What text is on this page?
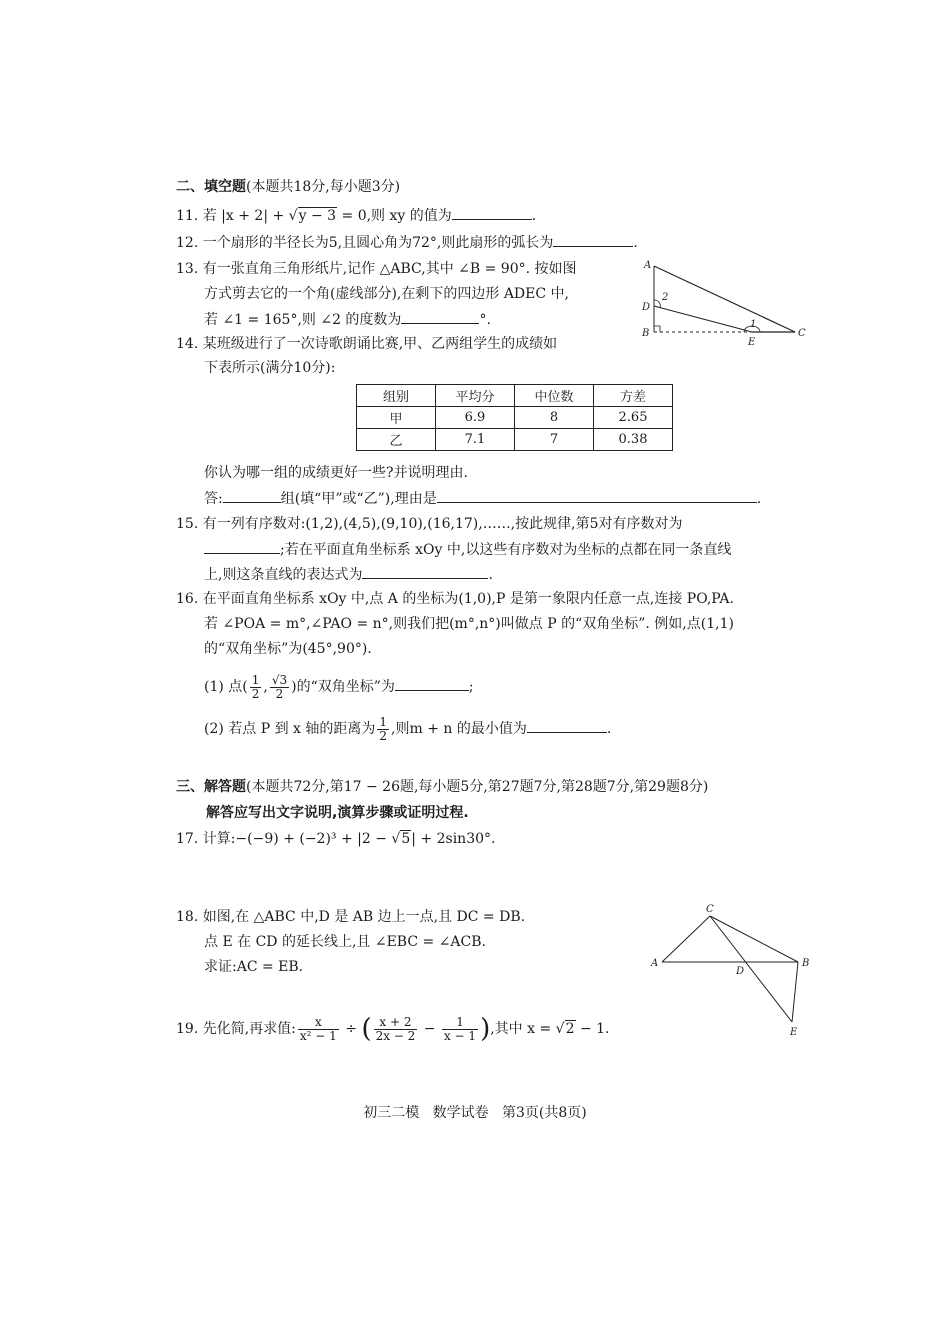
二、填空题(本题共18分,每小题3分)
11. 若 |x + 2| + √y − 3 = 0,则 xy 的值为	.
12. 一个扇形的半径长为5,且圆心角为72°,则此扇形的弧长为	.
13. 有一张直角三角形纸片,记作 △ABC,其中 ∠B = 90°. 按如图
方式剪去它的一个角(虚线部分),在剩下的四边形 ADEC 中,
若 ∠1 = 165°,则 ∠2 的度数为	°.
A
D
B
E
C
1
2
14. 某班级进行了一次诗歌朗诵比赛,甲、乙两组学生的成绩如
下表所示(满分10分):
组别	平均分	中位数	方差
甲	6.9	8	2.65
乙	7.1	7	0.38
你认为哪一组的成绩更好一些?并说明理由.
答:	组(填“甲”或“乙”),理由是	.
15. 有一列有序数对:(1,2),(4,5),(9,10),(16,17),……,按此规律,第5对有序数对为
;若在平面直角坐标系 xOy 中,以这些有序数对为坐标的点都在同一条直线
上,则这条直线的表达式为	.
16. 在平面直角坐标系 xOy 中,点 A 的坐标为(1,0),P 是第一象限内任意一点,连接 PO,PA.
若 ∠POA = m°,∠PAO = n°,则我们把(m°,n°)叫做点 P 的“双角坐标”. 例如,点(1,1)
的“双角坐标”为(45°,90°).
(1) 点( $\frac{1}{2}$ , $\frac{√3}{2}$ )的“双角坐标”为	;
(2) 若点 P 到 x 轴的距离为 $\frac{1}{2}$ ,则m + n 的最小值为	.
三、解答题(本题共72分,第17 − 26题,每小题5分,第27题7分,第28题7分,第29题8分)
解答应写出文字说明,演算步骤或证明过程.
17. 计算:−(−9) + (−2)³ + |2 − √5| + 2sin30°.
18. 如图,在 △ABC 中,D 是 AB 边上一点,且 DC = DB.
点 E 在 CD 的延长线上,且 ∠EBC = ∠ACB.
求证:AC = EB.	A	B
C
D
E
19. 先化简,再求值: $\frac{x}{\text{x² − 1}}$ ÷ ( $\frac{x + 2}{2x - 2} - \frac{1}{x - 1}$ ),其中 x = √2 − 1.
初三二模   数学试卷   第3页(共8页)
